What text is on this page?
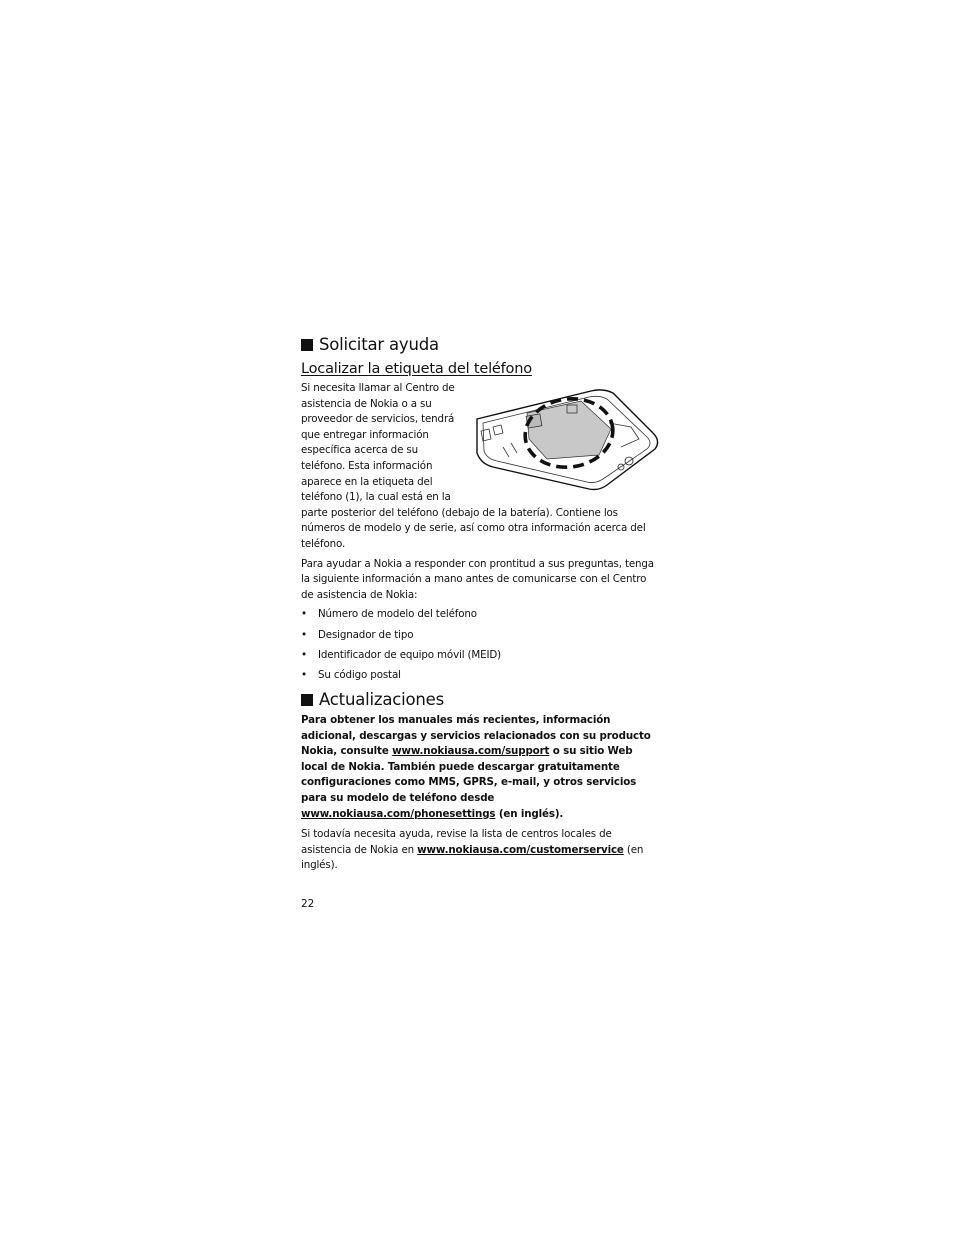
Solicitar ayuda
Localizar la etiqueta del teléfono

Si necesita llamar al Centro de asistencia de Nokia o a su proveedor de servicios, tendrá que entregar información específica acerca de su teléfono. Esta información aparece en la etiqueta del teléfono (1), la cual está en la parte posterior del teléfono (debajo de la batería). Contiene los números de modelo y de serie, así como otra información acerca del teléfono.

Para ayudar a Nokia a responder con prontitud a sus preguntas, tenga la siguiente información a mano antes de comunicarse con el Centro de asistencia de Nokia:

• Número de modelo del teléfono
• Designador de tipo
• Identificador de equipo móvil (MEID)
• Su código postal
Actualizaciones

Para obtener los manuales más recientes, información adicional, descargas y servicios relacionados con su producto Nokia, consulte www.nokiausa.com/support o su sitio Web local de Nokia. También puede descargar gratuitamente configuraciones como MMS, GPRS, e-mail, y otros servicios para su modelo de teléfono desde www.nokiausa.com/phonesettings (en inglés).

Si todavía necesita ayuda, revise la lista de centros locales de asistencia de Nokia en www.nokiausa.com/customerservice (en inglés).

22
